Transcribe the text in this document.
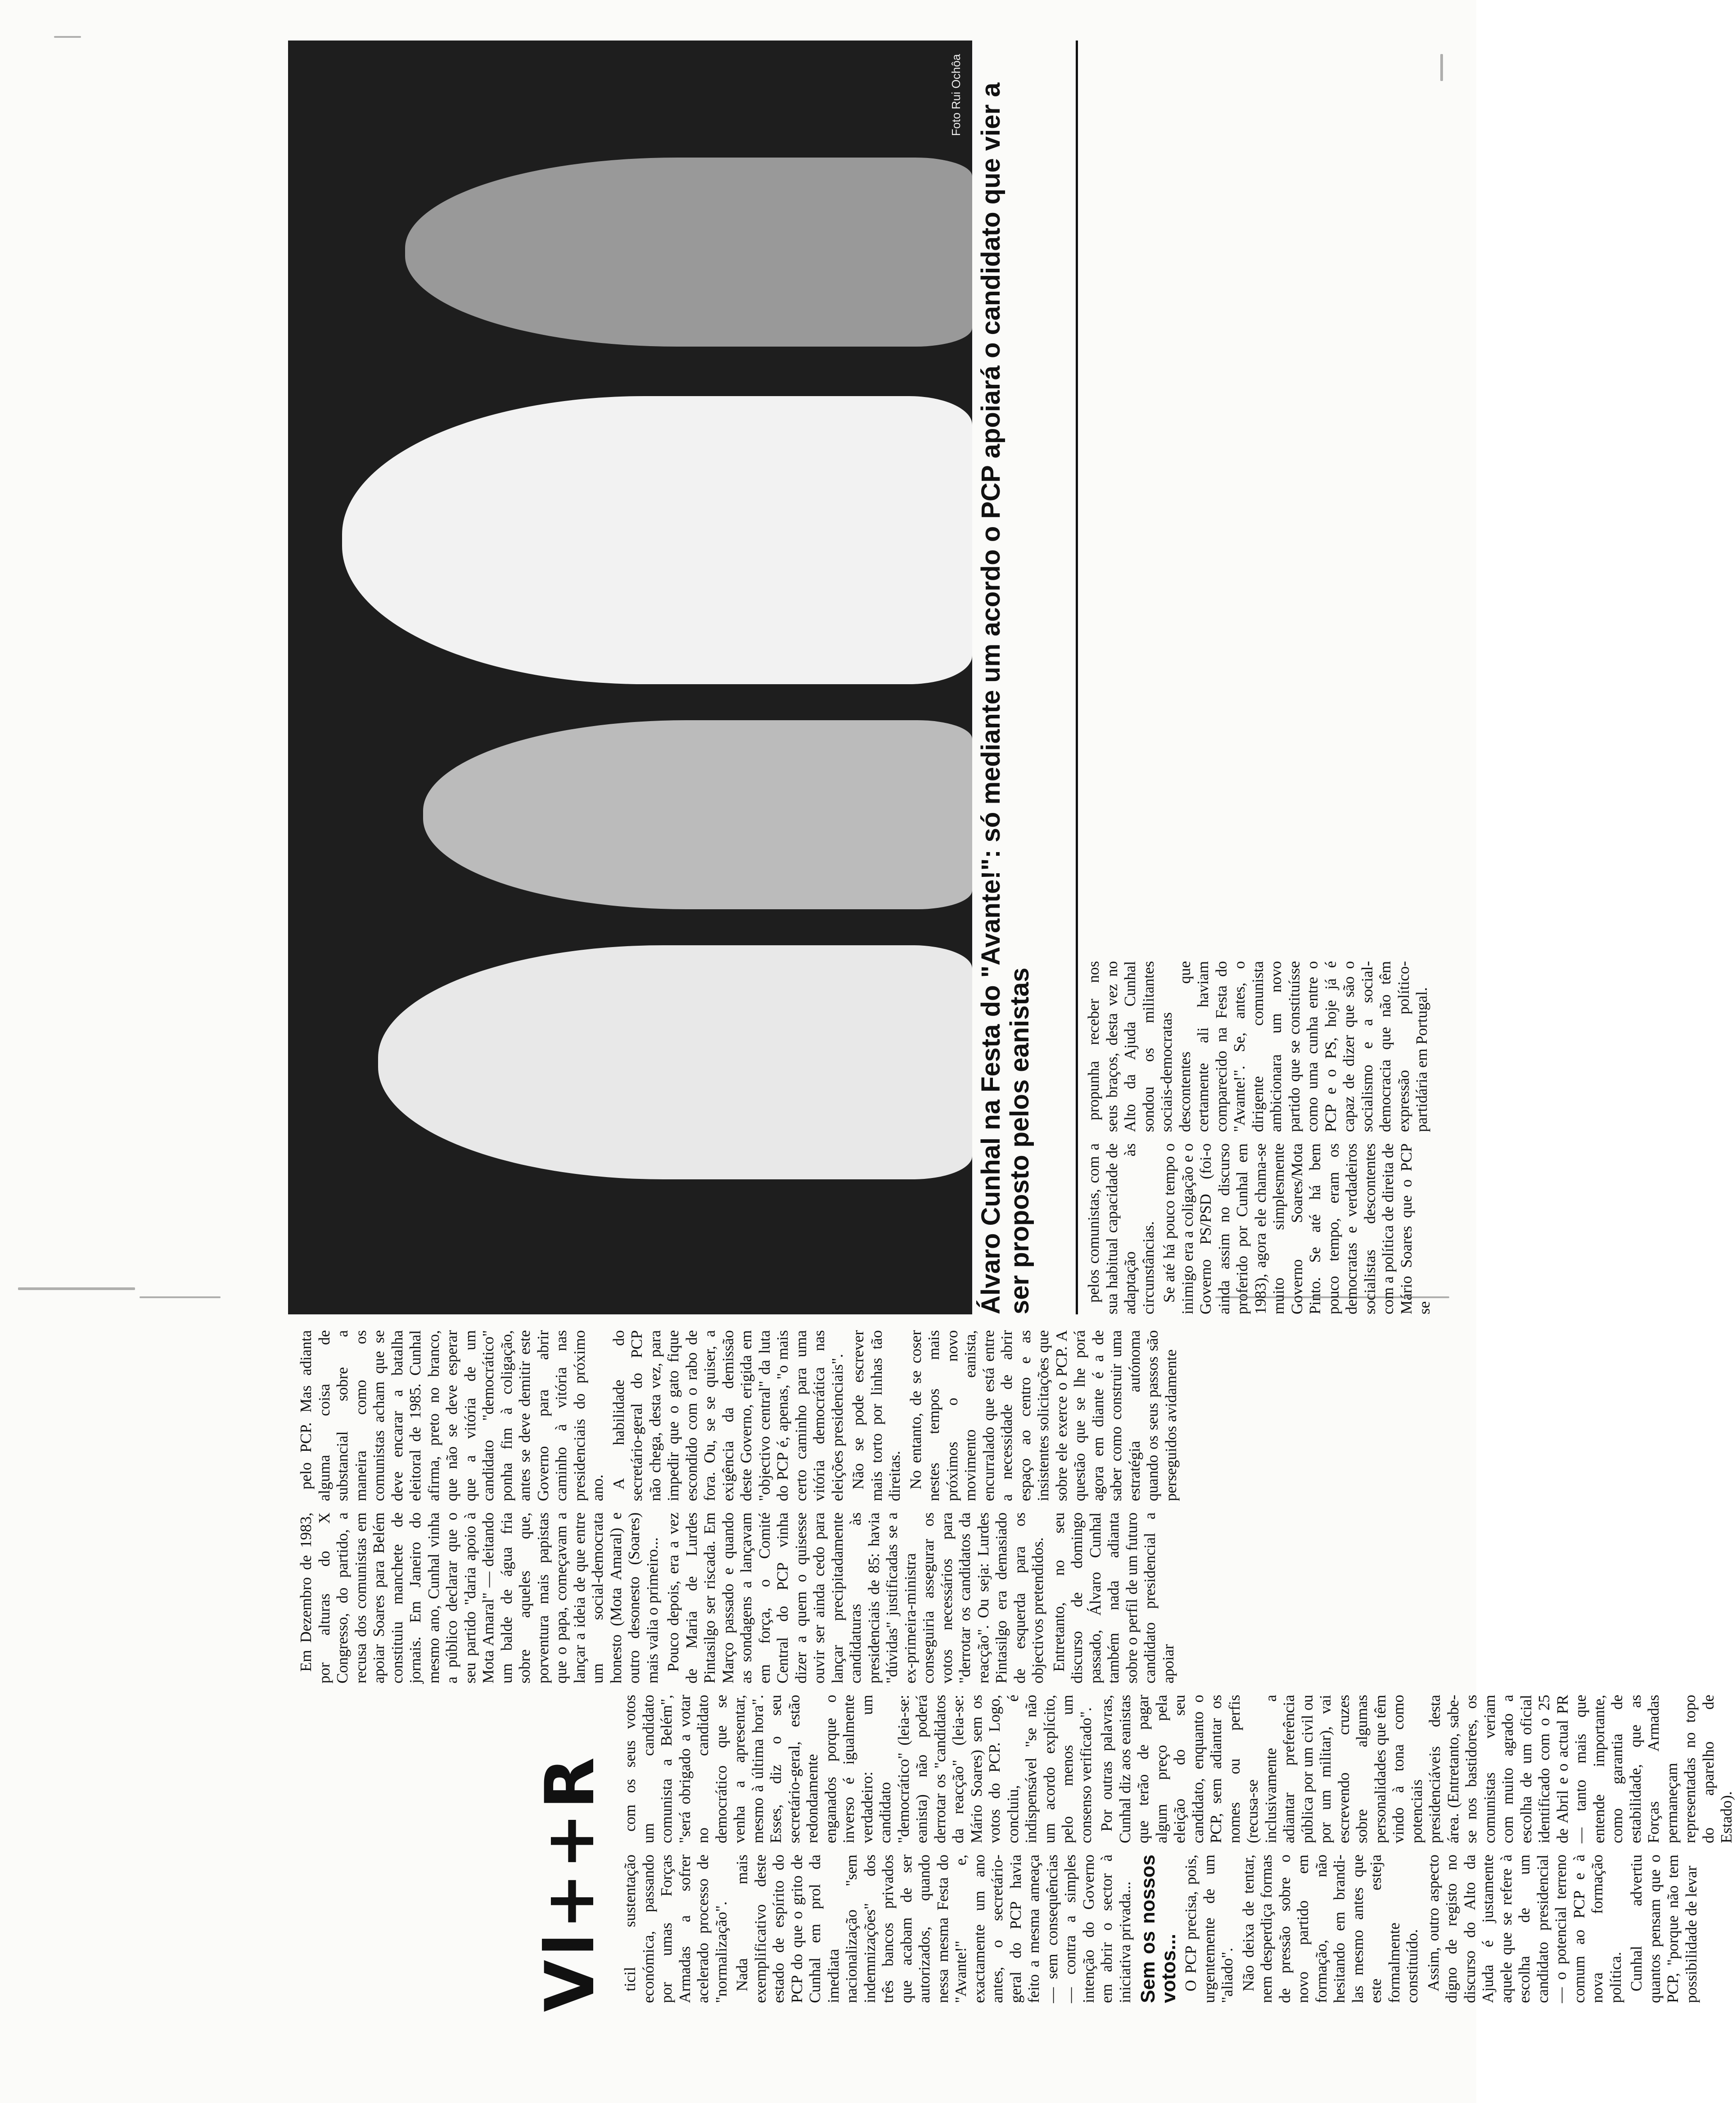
Vl++R ticil sustentação económica, passando por umas Forças Armadas a sofrer acelerado processo de "normalização". Nada mais exemplificativo deste estado de espírito do PCP do que o grito de Cunhal em prol da imediata nacionalização "sem indemnizações" dos três bancos privados que acabam de ser autorizados, quando nessa mesma Festa do "Avante!" e, exactamente um ano antes, o secretário-geral do PCP havia feito a mesma ameaça — sem consequências — contra a simples intenção do Governo em abrir o sector à iniciativa privada... Sem os nossos votos... O PCP precisa, pois, urgentemente de um "aliado". Não deixa de tentar, nem desperdiça formas de pressão sobre o novo partido em formação, não hesitando em brandi-las mesmo antes que este esteja formalmente constituído. Assim, outro aspecto digno de registo no discurso do Alto da Ajuda é justamente aquele que se refere à escolha de um candidato presidencial — o potencial terreno comum ao PCP e à nova formação política. Cunhal advertiu quantos pensam que o PCP, "porque não tem possibilidade de levar

com os seus votos um candidato comunista a Belém", "será obrigado a votar no candidato democrático que se venha a apresentar, mesmo à última hora". Esses, diz o seu secretário-geral, estão redondamente enganados porque o inverso é igualmente verdadeiro: um candidato "democrático" (leia-se: eanista) não poderá derrotar os "candidatos da reacção" (leia-se: Mário Soares) sem os votos do PCP. Logo, concluiu, é indispensável "se não um acordo explícito, pelo menos um consenso verificado". Por outras palavras, Cunhal diz aos eanistas que terão de pagar algum preço pela eleição do seu candidato, enquanto o PCP, sem adiantar os nomes ou perfis (recusa-se inclusivamente a adiantar preferência pública por um civil ou por um militar), vai escrevendo cruzes sobre algumas personalidades que têm vindo à tona como potenciais presidenciáveis desta área. (Entretanto, sabe-se nos bastidores, os comunistas veriam com muito agrado a escolha de um oficial identificado com o 25 de Abril e o actual PR — tanto mais que entende importante, como garantia de estabilidade, que as Forças Armadas permaneçam representadas no topo do aparelho de Estado).

Em Dezembro de 1983, por alturas do X Congresso, do partido, a recusa dos comunistas em apoiar Soares para Belém constituiu manchete de jornais. Em Janeiro do mesmo ano, Cunhal vinha a público declarar que o seu partido "daria apoio à Mota Amaral" — deitando um balde de água fria sobre aqueles que, porventura mais papistas que o papa, começavam a lançar a ideia de que entre um social-democrata honesto (Mota Amaral) e outro desonesto (Soares) mais valia o primeiro... Pouco depois, era a vez de Maria de Lurdes Pintasilgo ser riscada. Em Março passado e quando as sondagens a lançavam em força, o Comité Central do PCP vinha dizer a quem o quisesse ouvir ser ainda cedo para lançar precipitadamente candidaturas às presidenciais de 85: havia "dúvidas" justificadas se a ex-primeira-ministra conseguiria assegurar os votos necessários para "derrotar os candidatos da reacção". Ou seja: Lurdes Pintasilgo era demasiado de esquerda para os objectivos pretendidos. Entretanto, no seu discurso de domingo passado, Álvaro Cunhal também nada adianta sobre o perfil de um futuro candidato presidencial a apoiar

pelo PCP. Mas adianta alguma coisa de substancial sobre a maneira como os comunistas acham que se deve encarar a batalha eleitoral de 1985. Cunhal afirma, preto no branco, que não se deve esperar que a vitória de um candidato "democrático" ponha fim à coligação, antes se deve demitir este Governo para abrir caminho à vitória nas presidenciais do próximo ano. A habilidade do secretário-geral do PCP não chega, desta vez, para impedir que o gato fique escondido com o rabo de fora. Ou, se se quiser, a exigência da demissão deste Governo, erigida em "objectivo central" da luta do PCP é, apenas, "o mais certo caminho para uma vitória democrática nas eleições presidenciais". Não se pode escrever mais torto por linhas tão direitas. No entanto, de se coser nestes tempos mais próximos o novo movimento eanista, encurralado que está entre a necessidade de abrir espaço ao centro e as insistentes solicitações que sobre ele exerce o PCP. A questão que se lhe porá agora em diante é a de saber como construir uma estratégia autónoma quando os seus passos são perseguidos avidamente

Foto Rui Ochôa Álvaro Cunhal na Festa do "Avante!": só mediante um acordo o PCP apoiará o candidato que vier a ser proposto pelos eanistas	pelos comunistas, com a sua habitual capacidade de adaptação às circunstâncias. Se até há pouco tempo o inimigo era a coligação e o Governo PS/PSD (foi-o ainda assim no discurso proferido por Cunhal em 1983), agora ele chama-se muito simplesmente Governo Soares/Mota Pinto. Se até há bem pouco tempo, eram os democratas e verdadeiros socialistas descontentes com a política de direita de Mário Soares que o PCP se

propunha receber nos seus braços, desta vez no Alto da Ajuda Cunhal sondou os militantes sociais-democratas descontentes que certamente ali haviam comparecido na Festa do "Avante!". Se, antes, o dirigente comunista ambicionara um novo partido que se constituísse como uma cunha entre o PCP e o PS, hoje já é capaz de dizer que são o socialismo e a social-democracia que não têm expressão político-partidária em Portugal.
